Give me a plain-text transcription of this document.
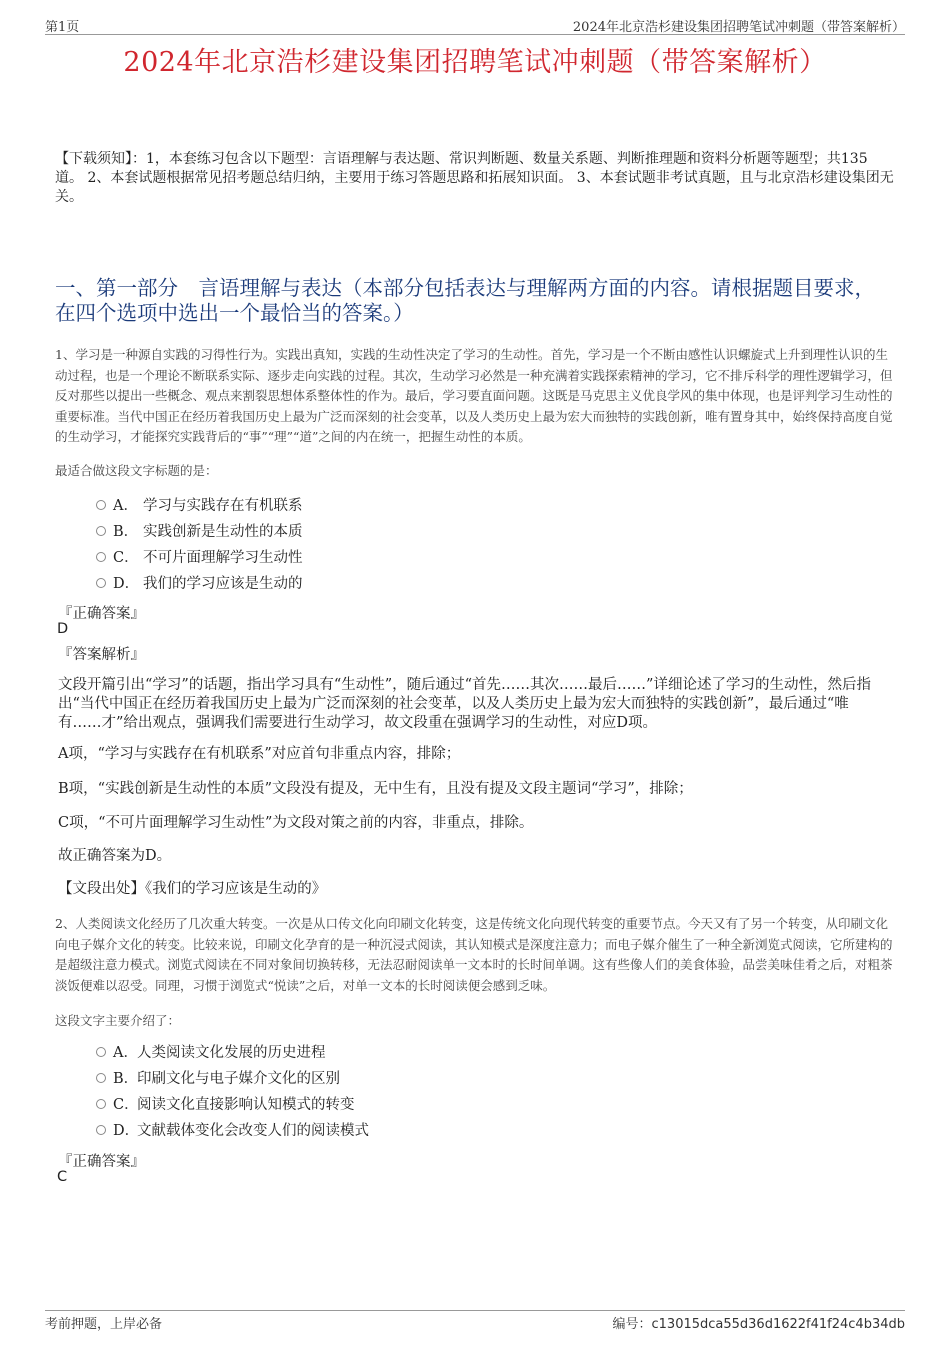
第1页	2024年北京浩杉建设集团招聘笔试冲刺题（带答案解析）
2024年北京浩杉建设集团招聘笔试冲刺题（带答案解析）
【下载须知】：1，本套练习包含以下题型：言语理解与表达题、常识判断题、数量关系题、判断推理题和资料分析题等题型；共135道。 2、本套试题根据常见招考题总结归纳，主要用于练习答题思路和拓展知识面。 3、本套试题非考试真题，且与北京浩杉建设集团无关。
一、第一部分　言语理解与表达（本部分包括表达与理解两方面的内容。请根据题目要求，在四个选项中选出一个最恰当的答案。）
1、学习是一种源自实践的习得性行为。实践出真知，实践的生动性决定了学习的生动性。首先，学习是一个不断由感性认识螺旋式上升到理性认识的生动过程，也是一个理论不断联系实际、逐步走向实践的过程。其次，生动学习必然是一种充满着实践探索精神的学习，它不排斥科学的理性逻辑学习，但反对那些以提出一些概念、观点来割裂思想体系整体性的作为。最后，学习要直面问题。这既是马克思主义优良学风的集中体现，也是评判学习生动性的重要标准。当代中国正在经历着我国历史上最为广泛而深刻的社会变革，以及人类历史上最为宏大而独特的实践创新，唯有置身其中，始终保持高度自觉的生动学习，才能探究实践背后的“事”“理”“道”之间的内在统一，把握生动性的本质。
最适合做这段文字标题的是：
A． 学习与实践存在有机联系
B． 实践创新是生动性的本质
C． 不可片面理解学习生动性
D． 我们的学习应该是生动的
『正确答案』
D
『答案解析』
文段开篇引出“学习”的话题，指出学习具有“生动性”，随后通过“首先……其次……最后……”详细论述了学习的生动性，然后指出“当代中国正在经历着我国历史上最为广泛而深刻的社会变革，以及人类历史上最为宏大而独特的实践创新”，最后通过“唯有……才”给出观点，强调我们需要进行生动学习，故文段重在强调学习的生动性，对应D项。
A项，“学习与实践存在有机联系”对应首句非重点内容，排除；
B项，“实践创新是生动性的本质”文段没有提及，无中生有，且没有提及文段主题词“学习”，排除；
C项，“不可片面理解学习生动性”为文段对策之前的内容，非重点，排除。
故正确答案为D。
【文段出处】《我们的学习应该是生动的》
2、人类阅读文化经历了几次重大转变。一次是从口传文化向印刷文化转变，这是传统文化向现代转变的重要节点。今天又有了另一个转变，从印刷文化向电子媒介文化的转变。比较来说，印刷文化孕育的是一种沉浸式阅读，其认知模式是深度注意力；而电子媒介催生了一种全新浏览式阅读，它所建构的是超级注意力模式。浏览式阅读在不同对象间切换转移，无法忍耐阅读单一文本时的长时间单调。这有些像人们的美食体验，品尝美味佳肴之后，对粗茶淡饭便难以忍受。同理，习惯于浏览式“悦读”之后，对单一文本的长时阅读便会感到乏味。
这段文字主要介绍了：
A．人类阅读文化发展的历史进程
B．印刷文化与电子媒介文化的区别
C．阅读文化直接影响认知模式的转变
D．文献载体变化会改变人们的阅读模式
『正确答案』
C
考前押题，上岸必备	编号：c13015dca55d36d1622f41f24c4b34db
